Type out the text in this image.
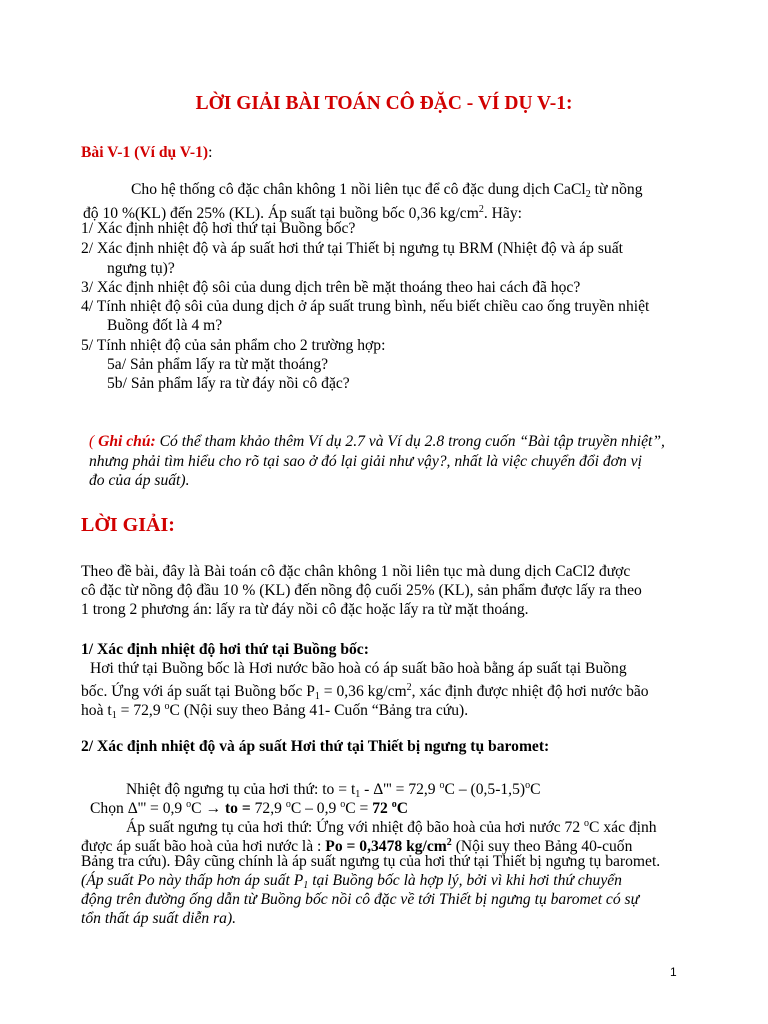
LỜI GIẢI BÀI TOÁN CÔ ĐẶC - VÍ DỤ V-1:
Bài V-1 (Ví dụ V-1):
Cho hệ thống cô đặc chân không 1 nồi liên tục để cô đặc dung dịch CaCl2 từ nồng
độ 10 %(KL) đến 25% (KL). Áp suất tại buồng bốc 0,36 $kg/cm^2$. Hãy:
1/ Xác định nhiệt độ hơi thứ tại Buồng bốc?
2/ Xác định nhiệt độ và áp suất hơi thứ tại Thiết bị ngưng tụ BRM (Nhiệt độ và áp suất
ngưng tụ)?
3/ Xác định nhiệt độ sôi của dung dịch trên bề mặt thoáng theo hai cách đã học?
4/ Tính nhiệt độ sôi của dung dịch ở áp suất trung bình, nếu biết chiều cao ống truyền nhiệt
Buồng đốt là 4 m?
5/ Tính nhiệt độ của sản phẩm cho 2 trường hợp:
5a/ Sản phẩm lấy ra từ mặt thoáng?
5b/ Sản phẩm lấy ra từ đáy nồi cô đặc?
( Ghi chú: Có thể tham khảo thêm Ví dụ 2.7 và Ví dụ 2.8 trong cuốn “Bài tập truyền nhiệt”,
nhưng phải tìm hiểu cho rõ tại sao ở đó lại giải như vậy?, nhất là việc chuyển đổi đơn vị
đo của áp suất).
LỜI GIẢI:
Theo đề bài, đây là Bài toán cô đặc chân không 1 nồi liên tục mà dung dịch CaCl2 được
cô đặc từ nồng độ đầu 10 % (KL) đến nồng độ cuối 25% (KL), sản phẩm được lấy ra theo
1 trong 2 phương án: lấy ra từ đáy nồi cô đặc hoặc lấy ra từ mặt thoáng.
1/ Xác định nhiệt độ hơi thứ tại Buồng bốc:
Hơi thứ tại Buồng bốc là Hơi nước bão hoà có áp suất bão hoà bằng áp suất tại Buồng
bốc. Ứng với áp suất tại Buồng bốc $P_1 = 0,36$ $kg/cm^2$, xác định được nhiệt độ hơi nước bão
hoà $t_1 = 72,9$ $^o$C (Nội suy theo Bảng 41- Cuốn “Bảng tra cứu).
2/ Xác định nhiệt độ và áp suất Hơi thứ tại Thiết bị ngưng tụ baromet:
Nhiệt độ ngưng tụ của hơi thứ: to = $t_1 - \Delta''' = 72,9$ $^oC - (0,5-1,5)^oC$
Chọn Δ''' = 0,9 $^o$C → to = 72,9 $^o$C – 0,9 $^o$C = 72 $^o$C
Áp suất ngưng tụ của hơi thứ: Ứng với nhiệt độ bão hoà của hơi nước 72 $^o$C xác định
được áp suất bão hoà của hơi nước là : Po = 0,3478 $kg/cm^2$ (Nội suy theo Bảng 40-cuốn
Bảng tra cứu). Đây cũng chính là áp suất ngưng tụ của hơi thứ tại Thiết bị ngưng tụ baromet.
(Áp suất Po này thấp hơn áp suất $P_1$ tại Buồng bốc là hợp lý, bởi vì khi hơi thứ chuyển
động trên đường ống dẫn từ Buồng bốc nồi cô đặc về tới Thiết bị ngưng tụ baromet có sự
tổn thất áp suất diễn ra).
1
